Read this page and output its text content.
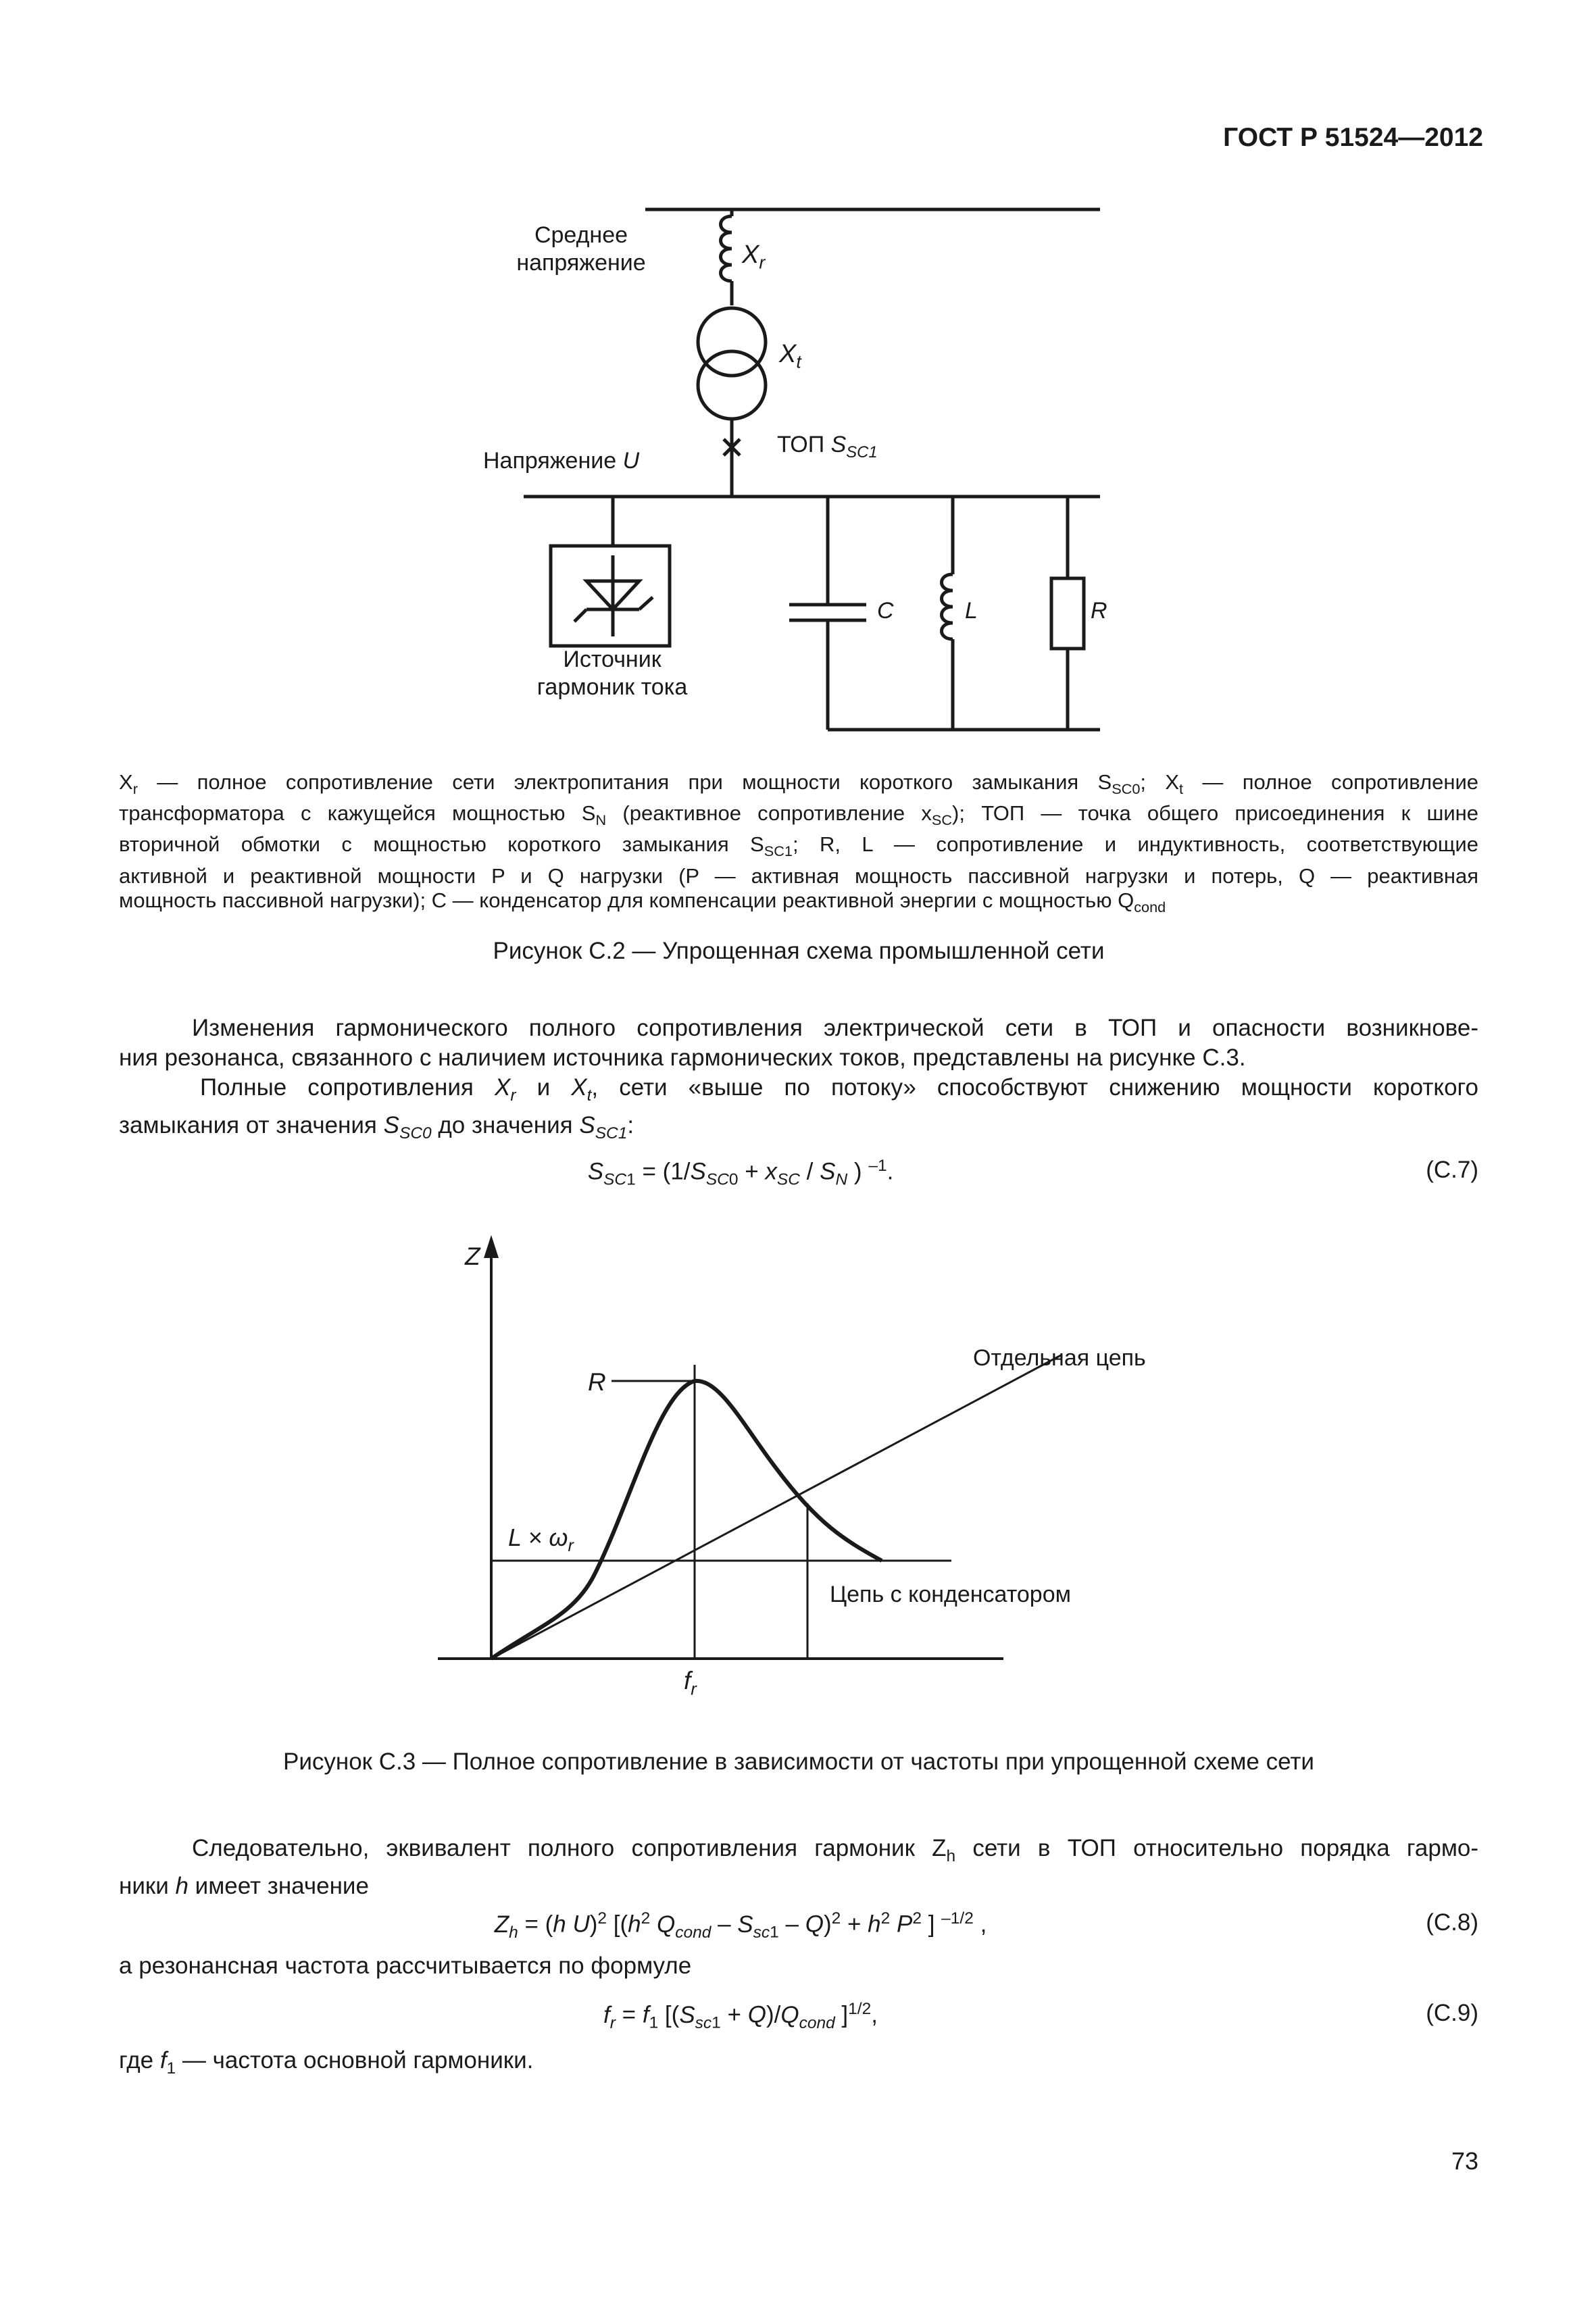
ГОСТ Р 51524—2012
Среднее
напряжение	$X_r$
$X_t$
ТОП $S_{SC1}$
Напряжение U
Источник
гармоник тока
C	L	R
$X_r$ — полное сопротивление сети электропитания при мощности короткого замыкания $S_{SC0}$; $X_t$ — полное сопротивление
трансформатора с кажущейся мощностью $S_N$ (реактивное сопротивление $x_{SC}$); ТОП — точка общего присоединения к шине
вторичной обмотки с мощностью короткого замыкания $S_{SC1}$; R, L — сопротивление и индуктивность, соответствующие
активной и реактивной мощности P и Q нагрузки (P — активная мощность пассивной нагрузки и потерь, Q — реактивная
мощность пассивной нагрузки); C — конденсатор для компенсации реактивной энергии с мощностью $Q_{cond}$
Рисунок С.2 — Упрощенная схема промышленной сети
Изменения гармонического полного сопротивления электрической сети в ТОП и опасности возникнове-
ния резонанса, связанного с наличием источника гармонических токов, представлены на рисунке С.3.
Полные сопротивления $X_r$ и $X_t$, сети «выше по потоку» способствуют снижению мощности короткого
замыкания от значения $S_{SC0}$ до значения $S_{SC1}$:
$S_{SC1} = (1/S_{SC0} + x_{SC} / S_N$ ) $^{-1}$.	(С.7)
Z
R
$L \times \omega_r$
$f_r$
Отдельная цепь
Цепь с конденсатором
Рисунок С.3 — Полное сопротивление в зависимости от частоты при упрощенной схеме сети
Следовательно, эквивалент полного сопротивления гармоник $Z_h$ сети в ТОП относительно порядка гармо-
ники h имеет значение
$Z_h = (h$ U)$^2$ [($h^2$ $Q_{cond} - S_{sc1} - Q)^2 + h^2$ $P^2$ ] $^{-1/2}$ ,	(С.8)
а резонансная частота рассчитывается по формуле
$f_r = f_1$ [$(S_{sc1} + Q)/Q_{cond}$ ]$^{1/2}$,	(С.9)
где $f_1$ — частота основной гармоники.
73
